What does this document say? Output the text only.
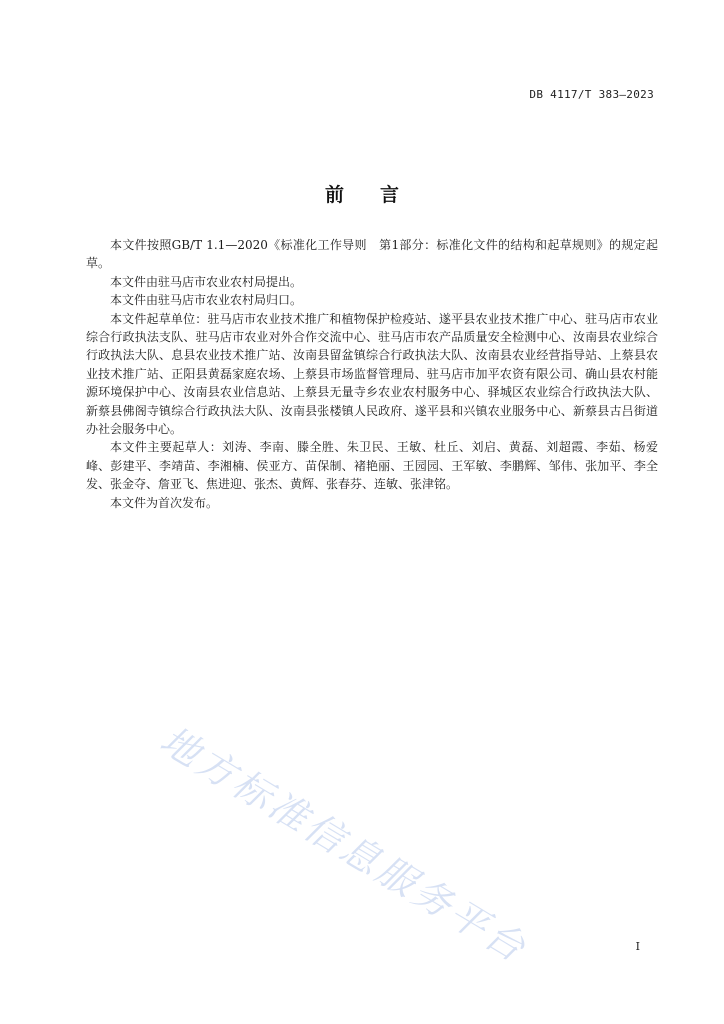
DB 4117/T 383—2023
前 言

本文件按照GB/T 1.1—2020《标准化工作导则　第1部分：标准化文件的结构和起草规则》的规定起草。

本文件由驻马店市农业农村局提出。

本文件由驻马店市农业农村局归口。

本文件起草单位：驻马店市农业技术推广和植物保护检疫站、遂平县农业技术推广中心、驻马店市农业综合行政执法支队、驻马店市农业对外合作交流中心、驻马店市农产品质量安全检测中心、汝南县农业综合行政执法大队、息县农业技术推广站、汝南县留盆镇综合行政执法大队、汝南县农业经营指导站、上蔡县农业技术推广站、正阳县黄磊家庭农场、上蔡县市场监督管理局、驻马店市加平农资有限公司、确山县农村能源环境保护中心、汝南县农业信息站、上蔡县无量寺乡农业农村服务中心、驿城区农业综合行政执法大队、新蔡县佛阁寺镇综合行政执法大队、汝南县张楼镇人民政府、遂平县和兴镇农业服务中心、新蔡县古吕街道办社会服务中心。

本文件主要起草人：刘涛、李南、滕全胜、朱卫民、王敏、杜丘、刘启、黄磊、刘超霞、李茹、杨爱峰、彭建平、李靖苗、李湘楠、侯亚方、苗保制、褚艳丽、王园园、王军敏、李鹏辉、邹伟、张加平、李全发、张金夺、詹亚飞、焦进迎、张杰、黄辉、张春芬、连敏、张津铭。

本文件为首次发布。

地方标准信息服务平台	I
